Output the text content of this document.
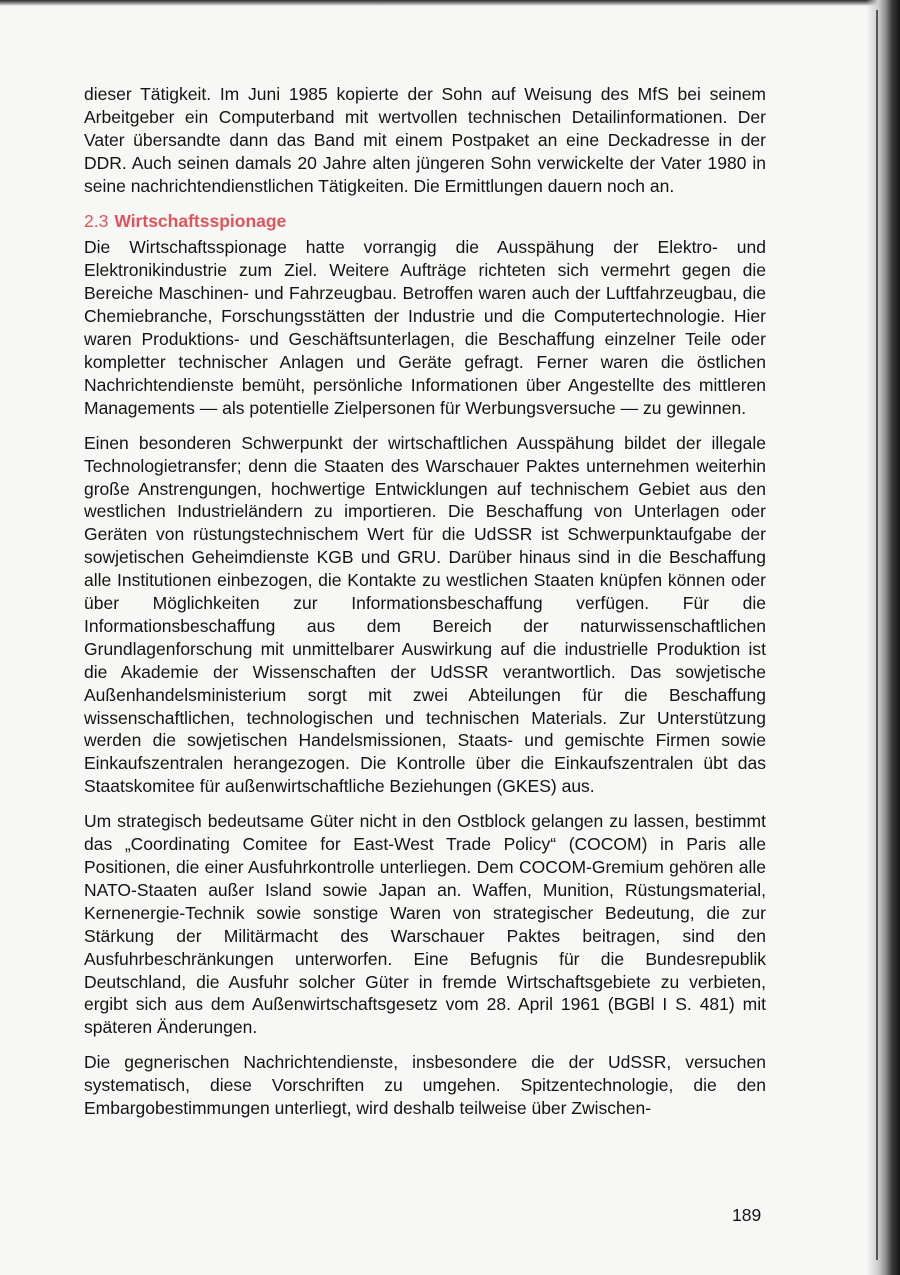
dieser Tätigkeit. Im Juni 1985 kopierte der Sohn auf Weisung des MfS bei seinem Arbeitgeber ein Computerband mit wertvollen technischen Detailinformationen. Der Vater übersandte dann das Band mit einem Postpaket an eine Deckadresse in der DDR. Auch seinen damals 20 Jahre alten jüngeren Sohn verwickelte der Vater 1980 in seine nachrichtendienstlichen Tätigkeiten. Die Ermittlungen dauern noch an.

2.3 Wirtschaftsspionage

Die Wirtschaftsspionage hatte vorrangig die Ausspähung der Elektro- und Elektronikindustrie zum Ziel. Weitere Aufträge richteten sich vermehrt gegen die Bereiche Maschinen- und Fahrzeugbau. Betroffen waren auch der Luftfahrzeugbau, die Chemiebranche, Forschungsstätten der Industrie und die Computertechnologie. Hier waren Produktions- und Geschäftsunterlagen, die Beschaffung einzelner Teile oder kompletter technischer Anlagen und Geräte gefragt. Ferner waren die östlichen Nachrichtendienste bemüht, persönliche Informationen über Angestellte des mittleren Managements — als potentielle Zielpersonen für Werbungsversuche — zu gewinnen.

Einen besonderen Schwerpunkt der wirtschaftlichen Ausspähung bildet der illegale Technologietransfer; denn die Staaten des Warschauer Paktes unternehmen weiterhin große Anstrengungen, hochwertige Entwicklungen auf technischem Gebiet aus den westlichen Industrieländern zu importieren. Die Beschaffung von Unterlagen oder Geräten von rüstungstechnischem Wert für die UdSSR ist Schwerpunktaufgabe der sowjetischen Geheimdienste KGB und GRU. Darüber hinaus sind in die Beschaffung alle Institutionen einbezogen, die Kontakte zu westlichen Staaten knüpfen können oder über Möglichkeiten zur Informationsbeschaffung verfügen. Für die Informationsbeschaffung aus dem Bereich der naturwissenschaftlichen Grundlagenforschung mit unmittelbarer Auswirkung auf die industrielle Produktion ist die Akademie der Wissenschaften der UdSSR verantwortlich. Das sowjetische Außenhandelsministerium sorgt mit zwei Abteilungen für die Beschaffung wissenschaftlichen, technologischen und technischen Materials. Zur Unterstützung werden die sowjetischen Handelsmissionen, Staats- und gemischte Firmen sowie Einkaufszentralen herangezogen. Die Kontrolle über die Einkaufszentralen übt das Staatskomitee für außenwirtschaftliche Beziehungen (GKES) aus.

Um strategisch bedeutsame Güter nicht in den Ostblock gelangen zu lassen, bestimmt das „Coordinating Comitee for East-West Trade Policy“ (COCOM) in Paris alle Positionen, die einer Ausfuhrkontrolle unterliegen. Dem COCOM-Gremium gehören alle NATO-Staaten außer Island sowie Japan an. Waffen, Munition, Rüstungsmaterial, Kernenergie-Technik sowie sonstige Waren von strategischer Bedeutung, die zur Stärkung der Militärmacht des Warschauer Paktes beitragen, sind den Ausfuhrbeschränkungen unterworfen. Eine Befugnis für die Bundesrepublik Deutschland, die Ausfuhr solcher Güter in fremde Wirtschaftsgebiete zu verbieten, ergibt sich aus dem Außenwirtschaftsgesetz vom 28. April 1961 (BGBl I S. 481) mit späteren Änderungen.

Die gegnerischen Nachrichtendienste, insbesondere die der UdSSR, versuchen systematisch, diese Vorschriften zu umgehen. Spitzentechnologie, die den Embargobestimmungen unterliegt, wird deshalb teilweise über Zwischen-

189
